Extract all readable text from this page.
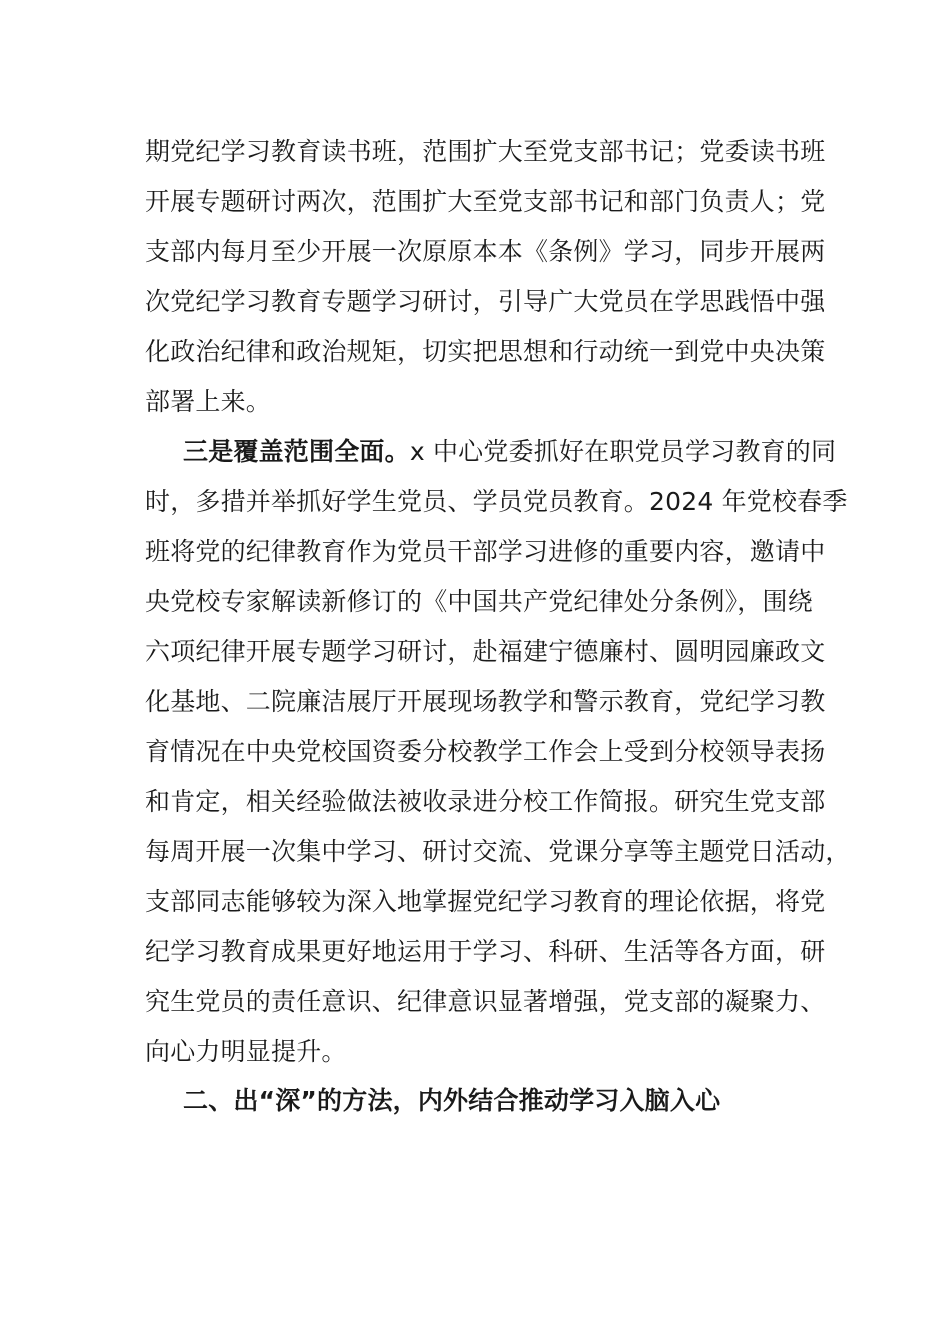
期党纪学习教育读书班，范围扩大至党支部书记；党委读书班
开展专题研讨两次，范围扩大至党支部书记和部门负责人；党
支部内每月至少开展一次原原本本《条例》学习，同步开展两
次党纪学习教育专题学习研讨，引导广大党员在学思践悟中强
化政治纪律和政治规矩，切实把思想和行动统一到党中央决策
部署上来。
三是覆盖范围全面。x 中心党委抓好在职党员学习教育的同
时，多措并举抓好学生党员、学员党员教育。2024 年党校春季
班将党的纪律教育作为党员干部学习进修的重要内容，邀请中
央党校专家解读新修订的《中国共产党纪律处分条例》，围绕
六项纪律开展专题学习研讨，赴福建宁德廉村、圆明园廉政文
化基地、二院廉洁展厅开展现场教学和警示教育，党纪学习教
育情况在中央党校国资委分校教学工作会上受到分校领导表扬
和肯定，相关经验做法被收录进分校工作简报。研究生党支部
每周开展一次集中学习、研讨交流、党课分享等主题党日活动，
支部同志能够较为深入地掌握党纪学习教育的理论依据，将党
纪学习教育成果更好地运用于学习、科研、生活等各方面，研
究生党员的责任意识、纪律意识显著增强，党支部的凝聚力、
向心力明显提升。
二、出“深”的方法，内外结合推动学习入脑入心
